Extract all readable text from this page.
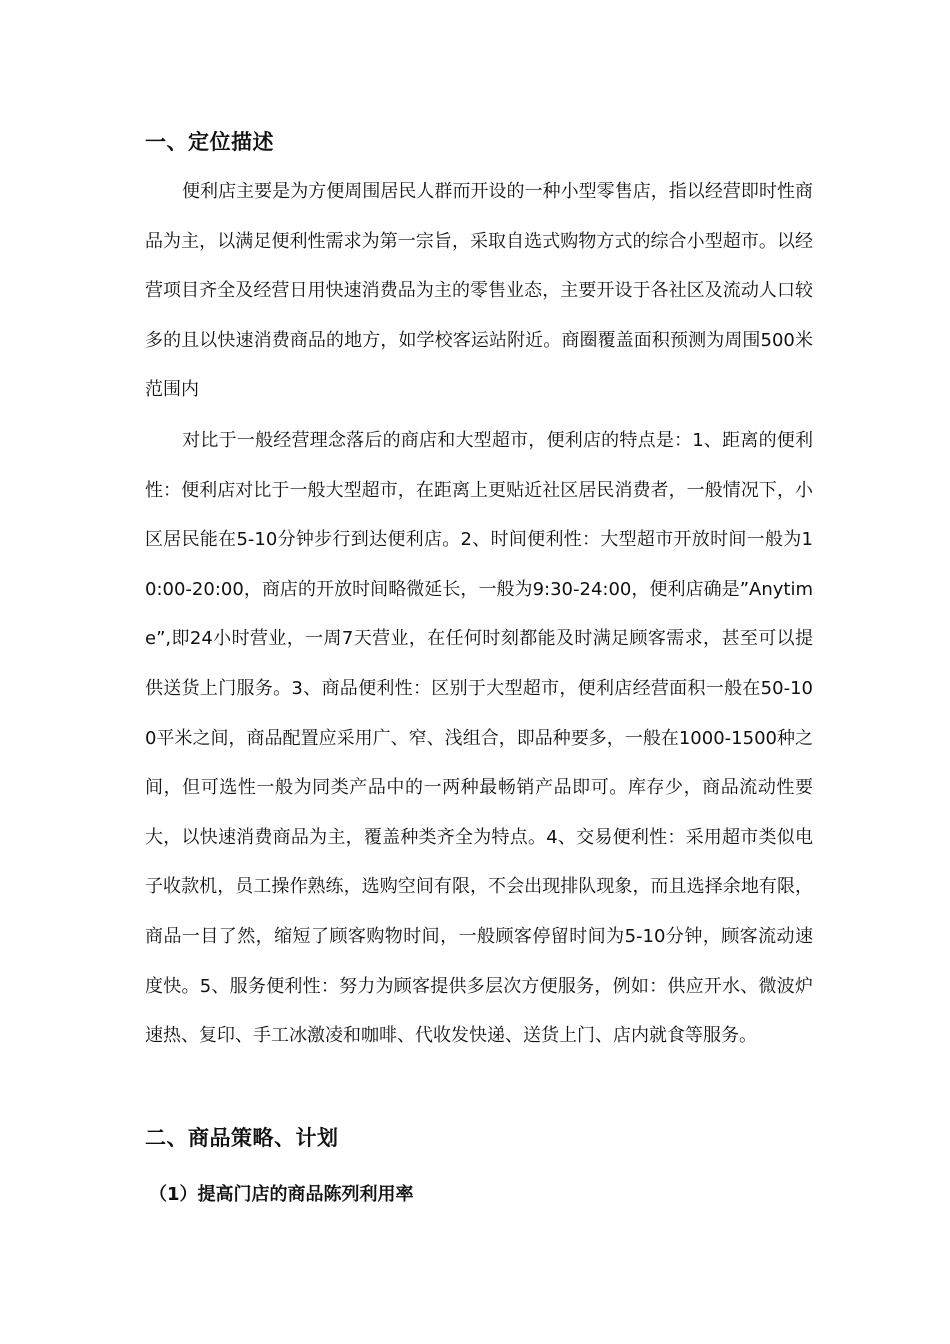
一、定位描述
便利店主要是为方便周围居民人群而开设的一种小型零售店，指以经营即时性商品为主，以满足便利性需求为第一宗旨，采取自选式购物方式的综合小型超市。以经营项目齐全及经营日用快速消费品为主的零售业态，主要开设于各社区及流动人口较多的且以快速消费商品的地方，如学校客运站附近。商圈覆盖面积预测为周围500米范围内
对比于一般经营理念落后的商店和大型超市，便利店的特点是：1、距离的便利性：便利店对比于一般大型超市，在距离上更贴近社区居民消费者，一般情况下，小区居民能在5-10分钟步行到达便利店。2、时间便利性：大型超市开放时间一般为10:00-20:00，商店的开放时间略微延长，一般为9:30-24:00，便利店确是”Anytime”,即24小时营业，一周7天营业，在任何时刻都能及时满足顾客需求，甚至可以提供送货上门服务。3、商品便利性：区别于大型超市，便利店经营面积一般在50-100平米之间，商品配置应采用广、窄、浅组合，即品种要多，一般在1000-1500种之间，但可选性一般为同类产品中的一两种最畅销产品即可。库存少，商品流动性要大，以快速消费商品为主，覆盖种类齐全为特点。4、交易便利性：采用超市类似电子收款机，员工操作熟练，选购空间有限，不会出现排队现象，而且选择余地有限，商品一目了然，缩短了顾客购物时间，一般顾客停留时间为5-10分钟，顾客流动速度快。5、服务便利性：努力为顾客提供多层次方便服务，例如：供应开水、微波炉速热、复印、手工冰激凌和咖啡、代收发快递、送货上门、店内就食等服务。
二、商品策略、计划
（1）提高门店的商品陈列利用率
